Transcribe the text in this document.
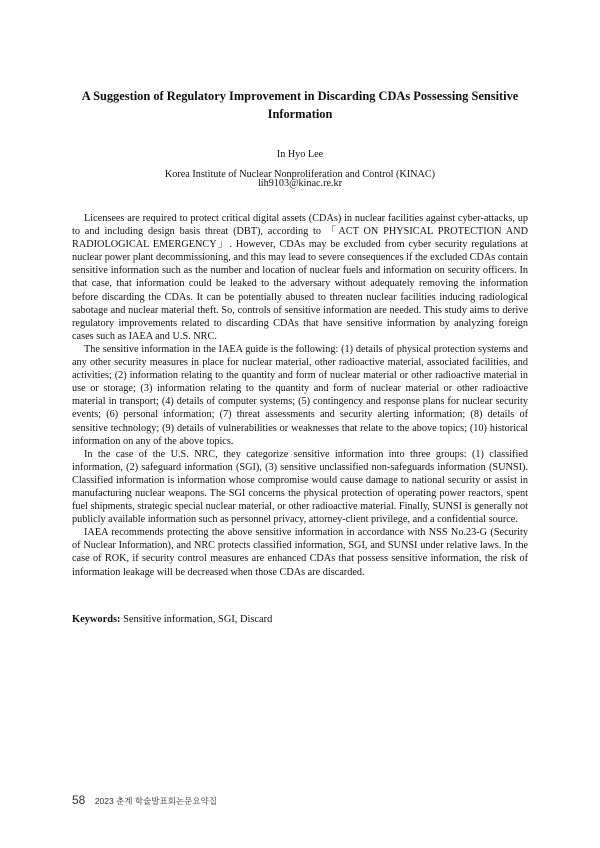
A Suggestion of Regulatory Improvement in Discarding CDAs Possessing Sensitive Information
In Hyo Lee
Korea Institute of Nuclear Nonproliferation and Control (KINAC)
lih9103@kinac.re.kr

Licensees are required to protect critical digital assets (CDAs) in nuclear facilities against cyber-attacks, up to and including design basis threat (DBT), according to 「ACT ON PHYSICAL PROTECTION AND RADIOLOGICAL EMERGENCY」. However, CDAs may be excluded from cyber security regulations at nuclear power plant decommissioning, and this may lead to severe consequences if the excluded CDAs contain sensitive information such as the number and location of nuclear fuels and information on security officers. In that case, that information could be leaked to the adversary without adequately removing the information before discarding the CDAs. It can be potentially abused to threaten nuclear facilities inducing radiological sabotage and nuclear material theft. So, controls of sensitive information are needed. This study aims to derive regulatory improvements related to discarding CDAs that have sensitive information by analyzing foreign cases such as IAEA and U.S. NRC.

The sensitive information in the IAEA guide is the following: (1) details of physical protection systems and any other security measures in place for nuclear material, other radioactive material, associated facilities, and activities; (2) information relating to the quantity and form of nuclear material or other radioactive material in use or storage; (3) information relating to the quantity and form of nuclear material or other radioactive material in transport; (4) details of computer systems; (5) contingency and response plans for nuclear security events; (6) personal information; (7) threat assessments and security alerting information; (8) details of sensitive technology; (9) details of vulnerabilities or weaknesses that relate to the above topics; (10) historical information on any of the above topics.

In the case of the U.S. NRC, they categorize sensitive information into three groups: (1) classified information, (2) safeguard information (SGI), (3) sensitive unclassified non-safeguards information (SUNSI). Classified information is information whose compromise would cause damage to national security or assist in manufacturing nuclear weapons. The SGI concerns the physical protection of operating power reactors, spent fuel shipments, strategic special nuclear material, or other radioactive material. Finally, SUNSI is generally not publicly available information such as personnel privacy, attorney-client privilege, and a confidential source.

IAEA recommends protecting the above sensitive information in accordance with NSS No.23-G (Security of Nuclear Information), and NRC protects classified information, SGI, and SUNSI under relative laws. In the case of ROK, if security control measures are enhanced CDAs that possess sensitive information, the risk of information leakage will be decreased when those CDAs are discarded.

Keywords: Sensitive information, SGI, Discard
58 2023 춘계 학술발표회논문요약집
